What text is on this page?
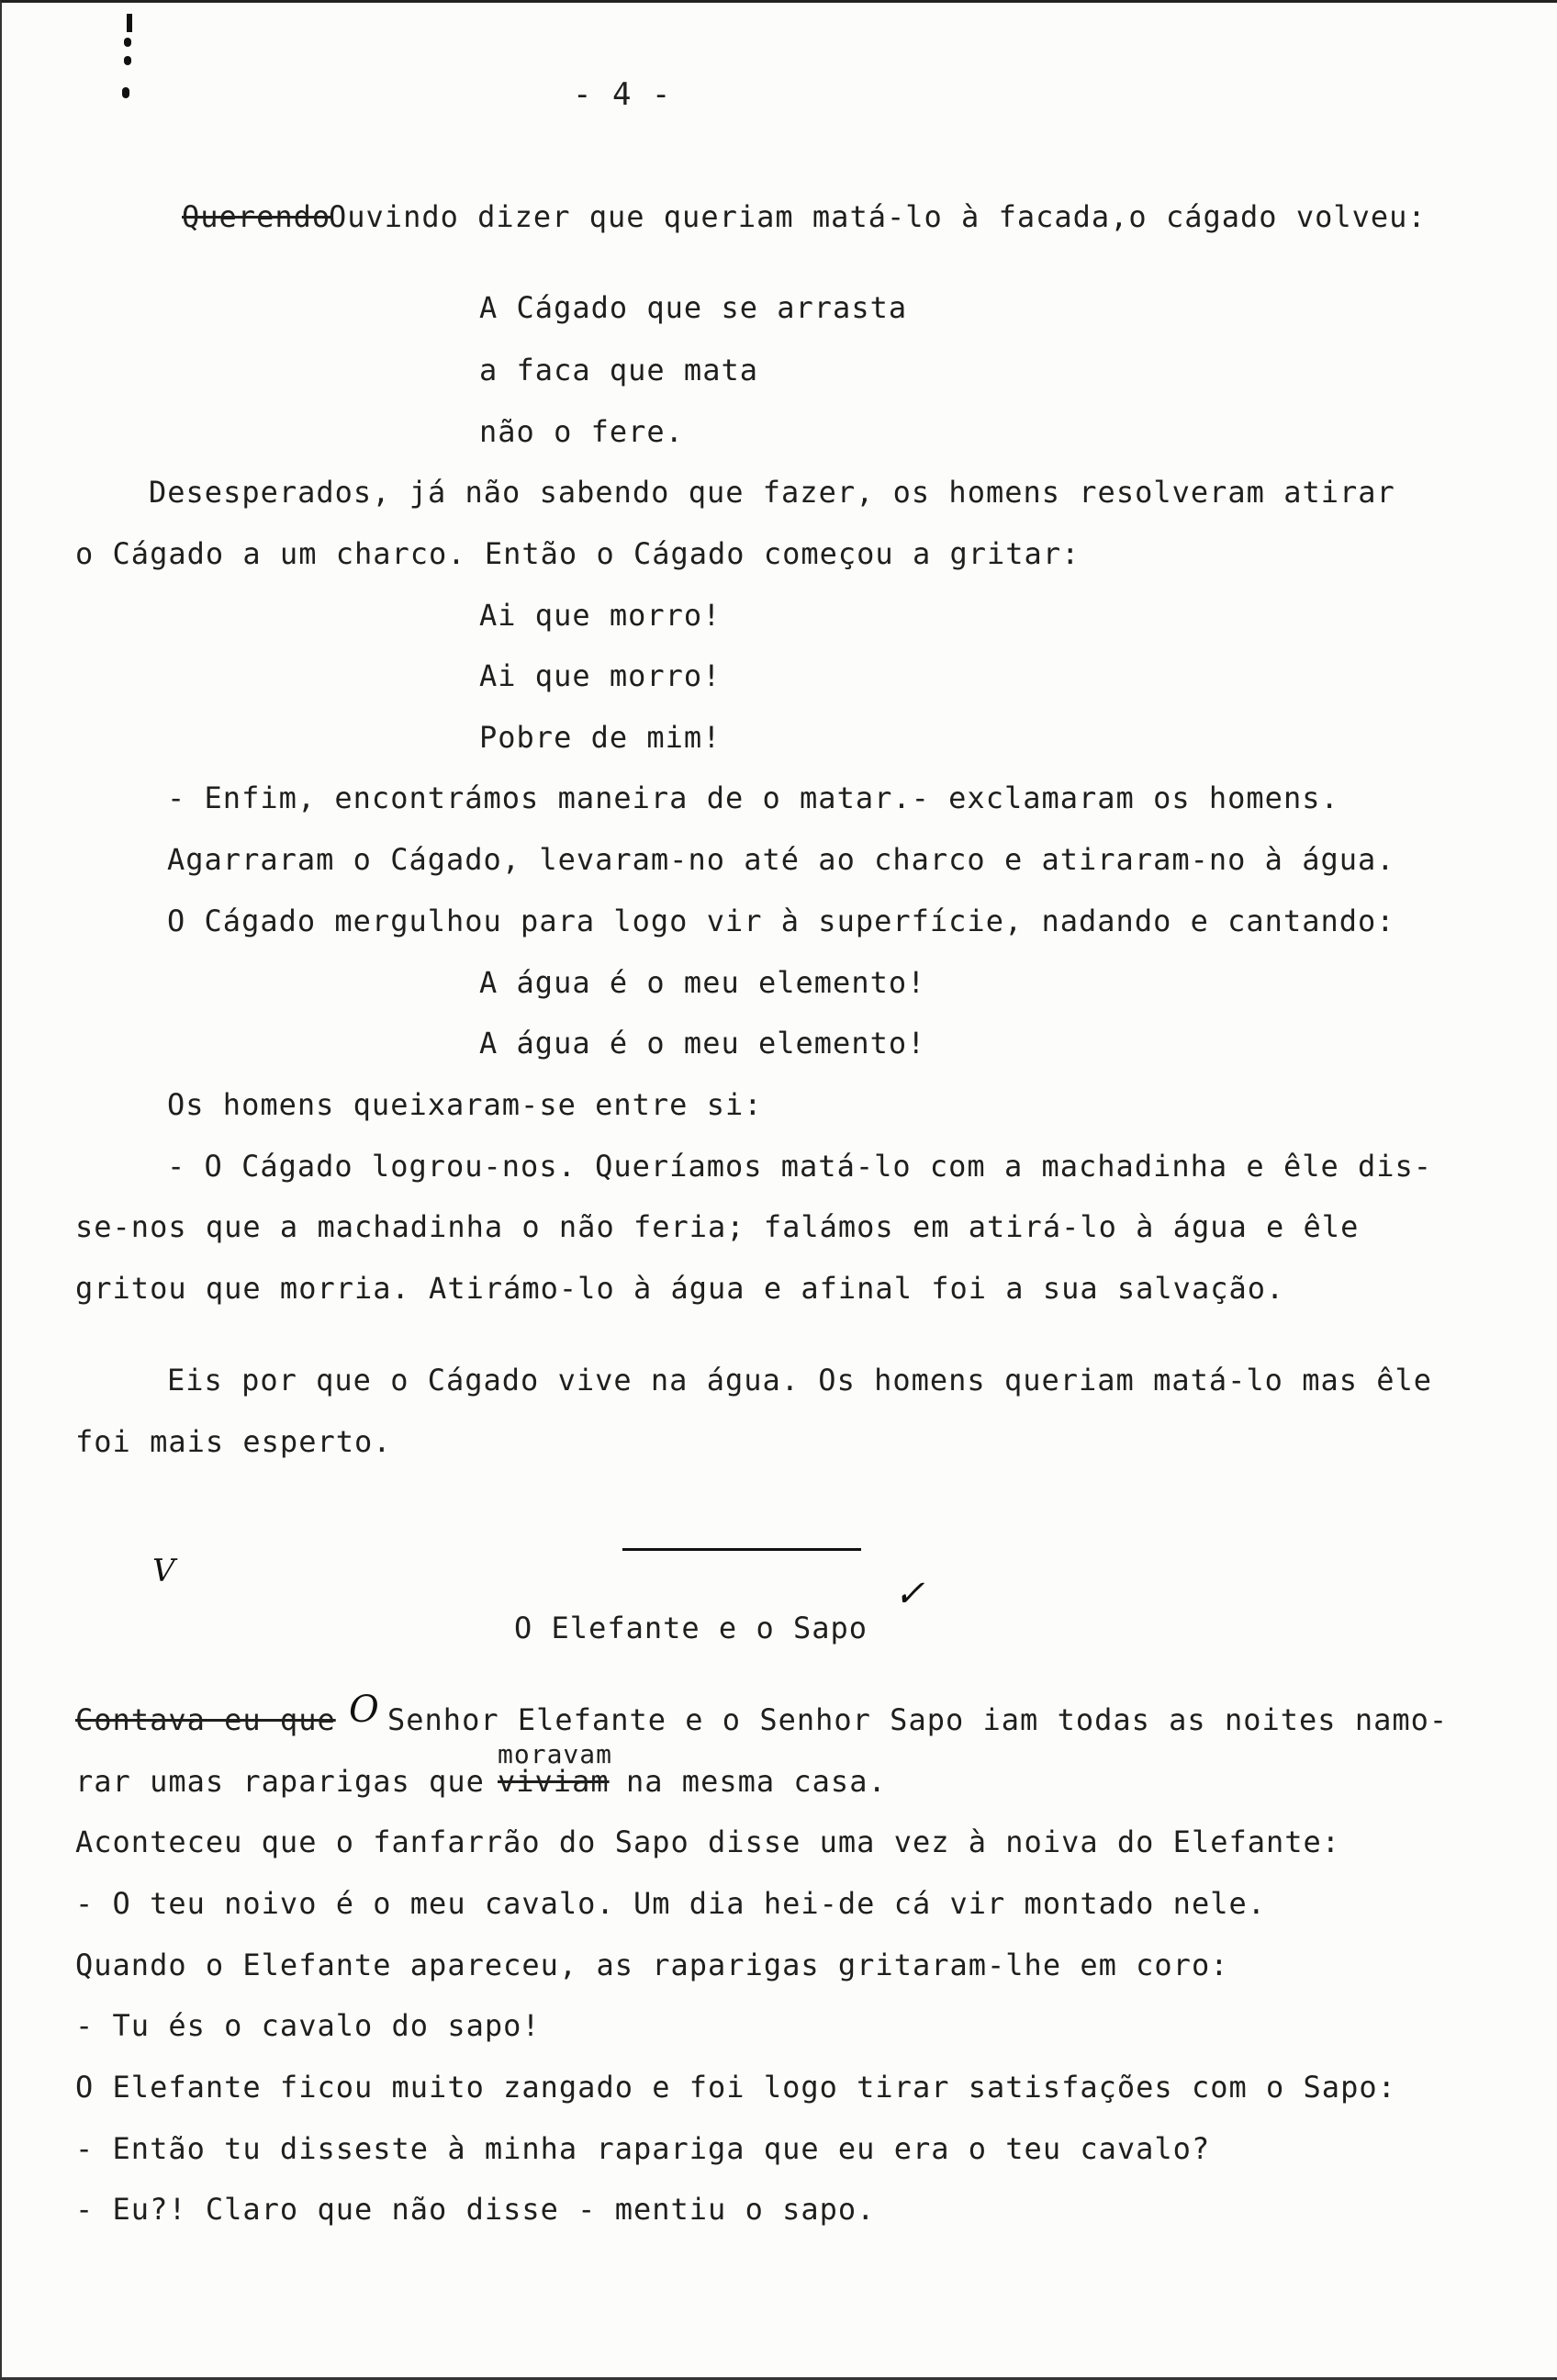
- 4 -
Querendo
Ouvindo dizer que queriam matá-lo à facada,o cágado volveu:
A Cágado que se arrasta
a faca que mata
não o fere.
Desesperados, já não sabendo que fazer, os homens resolveram atirar
o Cágado a um charco. Então o Cágado começou a gritar:
Ai que morro!
Ai que morro!
Pobre de mim!
- Enfim, encontrámos maneira de o matar.- exclamaram os homens.
Agarraram o Cágado, levaram-no até ao charco e atiraram-no à água.
O Cágado mergulhou para logo vir à superfície, nadando e cantando:
A água é o meu elemento!
A água é o meu elemento!
Os homens queixaram-se entre si:
- O Cágado logrou-nos. Queríamos matá-lo com a machadinha e êle dis-
se-nos que a machadinha o não feria; falámos em atirá-lo à água e êle
gritou que morria. Atirámo-lo à água e afinal foi a sua salvação.
Eis por que o Cágado vive na água. Os homens queriam matá-lo mas êle
foi mais esperto.
V
✓
O Elefante e o Sapo
Contava eu que O Senhor Elefante e o Senhor Sapo iam todas as noites namo-
moravam
rar umas raparigas que viviam na mesma casa.
Aconteceu que o fanfarrão do Sapo disse uma vez à noiva do Elefante:
- O teu noivo é o meu cavalo. Um dia hei-de cá vir montado nele.
Quando o Elefante apareceu, as raparigas gritaram-lhe em coro:
- Tu és o cavalo do sapo!
O Elefante ficou muito zangado e foi logo tirar satisfações com o Sapo:
- Então tu disseste à minha rapariga que eu era o teu cavalo?
- Eu?! Claro que não disse - mentiu o sapo.
